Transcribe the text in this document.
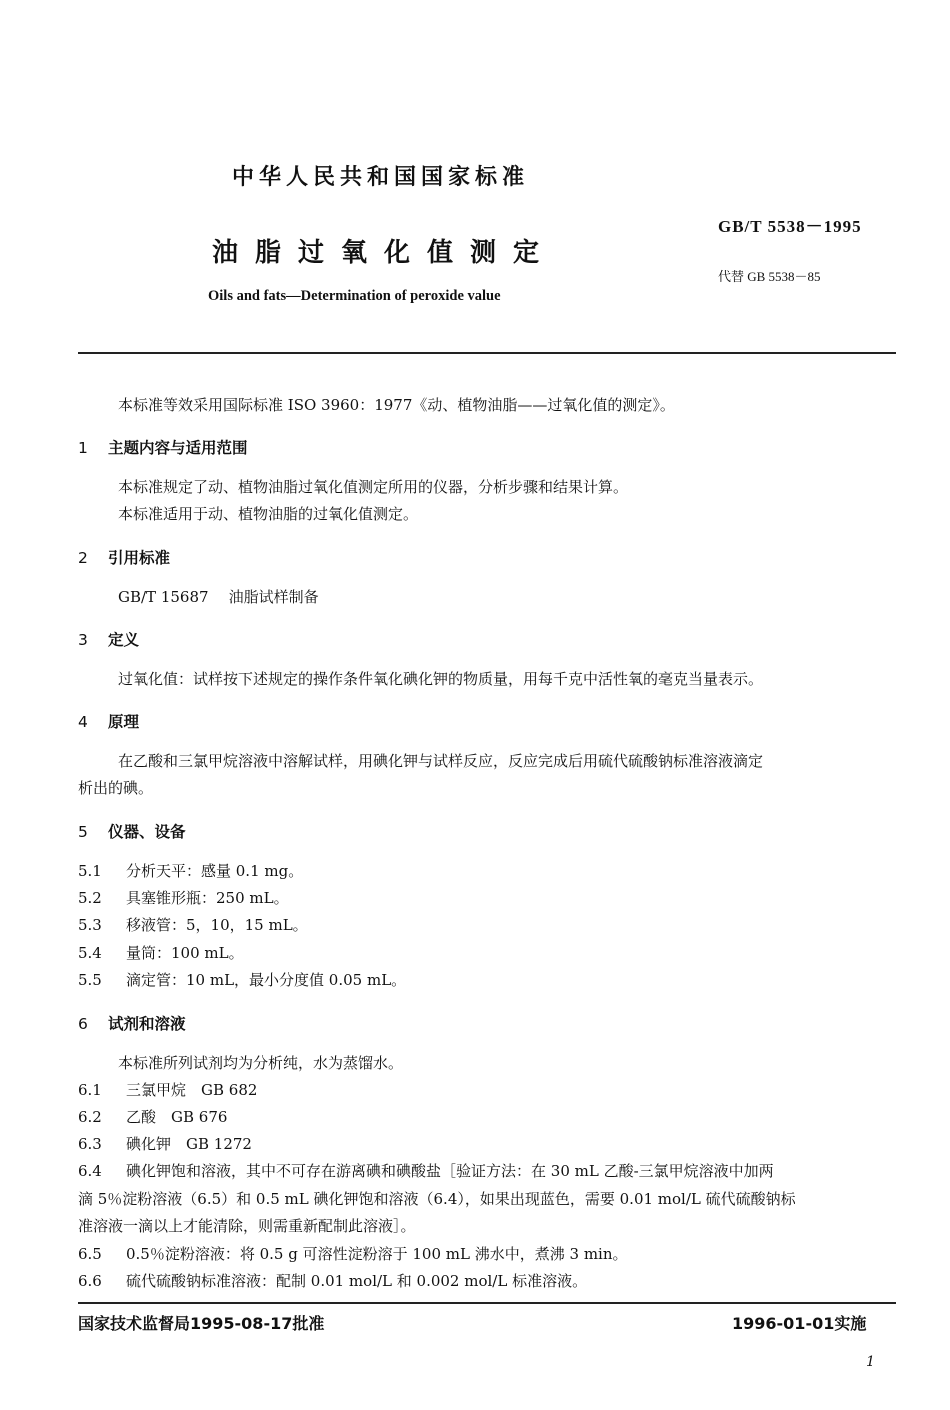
中华人民共和国国家标准
油脂过氧化值测定
Oils and fats—Determination of peroxide value
GB/T 5538－1995
代替 GB 5538－85
本标准等效采用国际标准 ISO 3960：1977《动、植物油脂——过氧化值的测定》。
1 主题内容与适用范围
本标准规定了动、植物油脂过氧化值测定所用的仪器，分析步骤和结果计算。
本标准适用于动、植物油脂的过氧化值测定。
2 引用标准
GB/T 15687 油脂试样制备
3 定义
过氧化值：试样按下述规定的操作条件氧化碘化钾的物质量，用每千克中活性氧的毫克当量表示。
4 原理
在乙酸和三氯甲烷溶液中溶解试样，用碘化钾与试样反应，反应完成后用硫代硫酸钠标准溶液滴定
析出的碘。
5 仪器、设备
5.1 分析天平：感量 0.1 mg。
5.2 具塞锥形瓶：250 mL。
5.3 移液管：5，10，15 mL。
5.4 量筒：100 mL。
5.5 滴定管：10 mL，最小分度值 0.05 mL。
6 试剂和溶液
本标准所列试剂均为分析纯，水为蒸馏水。
6.1 三氯甲烷　GB 682
6.2 乙酸　GB 676
6.3 碘化钾　GB 1272
6.4 碘化钾饱和溶液，其中不可存在游离碘和碘酸盐［验证方法：在 30 mL 乙酸-三氯甲烷溶液中加两
滴 5％淀粉溶液（6.5）和 0.5 mL 碘化钾饱和溶液（6.4），如果出现蓝色，需要 0.01 mol/L 硫代硫酸钠标
准溶液一滴以上才能清除，则需重新配制此溶液］。
6.5 0.5％淀粉溶液：将 0.5 g 可溶性淀粉溶于 100 mL 沸水中，煮沸 3 min。
6.6 硫代硫酸钠标准溶液：配制 0.01 mol/L 和 0.002 mol/L 标准溶液。
国家技术监督局1995-08-17批准	1996-01-01实施
1
